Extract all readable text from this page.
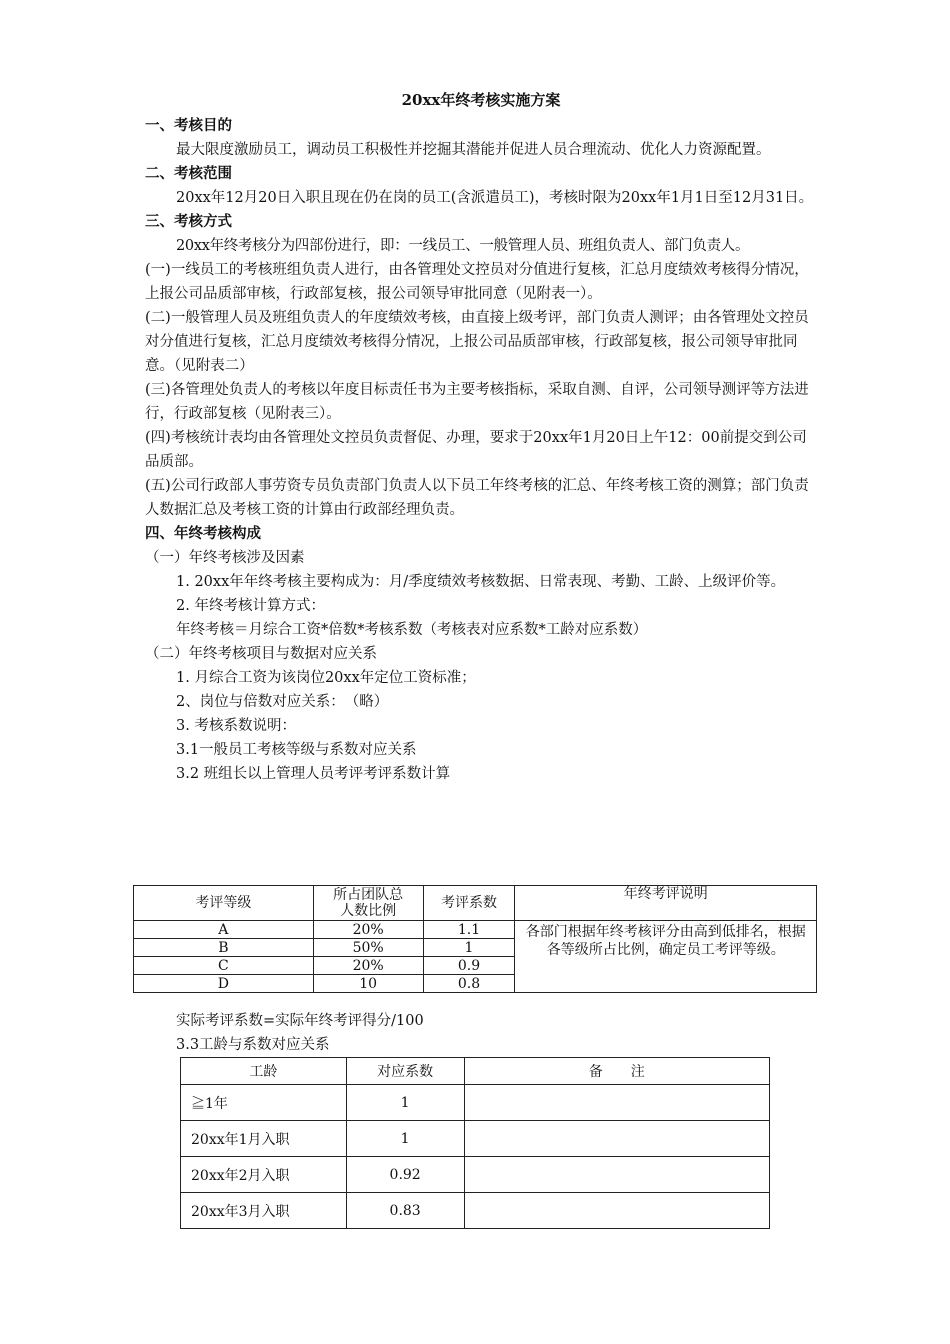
20xx年终考核实施方案

一、考核目的

最大限度激励员工，调动员工积极性并挖掘其潜能并促进人员合理流动、优化人力资源配置。

二、考核范围

20xx年12月20日入职且现在仍在岗的员工(含派遣员工)，考核时限为20xx年1月1日至12月31日。

三、考核方式

20xx年终考核分为四部份进行，即：一线员工、一般管理人员、班组负责人、部门负责人。

(一)一线员工的考核班组负责人进行，由各管理处文控员对分值进行复核，汇总月度绩效考核得分情况，上报公司品质部审核，行政部复核，报公司领导审批同意（见附表一）。

(二)一般管理人员及班组负责人的年度绩效考核，由直接上级考评，部门负责人测评；由各管理处文控员对分值进行复核，汇总月度绩效考核得分情况，上报公司品质部审核，行政部复核，报公司领导审批同意。（见附表二）

(三)各管理处负责人的考核以年度目标责任书为主要考核指标，采取自测、自评，公司领导测评等方法进行，行政部复核（见附表三）。

(四)考核统计表均由各管理处文控员负责督促、办理，要求于20xx年1月20日上午12：00前提交到公司品质部。

(五)公司行政部人事劳资专员负责部门负责人以下员工年终考核的汇总、年终考核工资的测算；部门负责人数据汇总及考核工资的计算由行政部经理负责。

四、年终考核构成

（一）年终考核涉及因素

1. 20xx年年终考核主要构成为：月/季度绩效考核数据、日常表现、考勤、工龄、上级评价等。

2. 年终考核计算方式：

年终考核＝月综合工资*倍数*考核系数（考核表对应系数*工龄对应系数）

（二）年终考核项目与数据对应关系

1. 月综合工资为该岗位20xx年定位工资标准；

2、岗位与倍数对应关系：　（略）

3. 考核系数说明：

3.1一般员工考核等级与系数对应关系

3.2 班组长以上管理人员考评考评系数计算

考评等级	所占团队总人数比例	考评系数	年终考评说明
A	20%	1.1	各部门根据年终考核评分由高到低排名，根据各等级所占比例，确定员工考评等级。
B	50%	1	
C	20%	0.9	
D	10	0.8	

实际考评系数=实际年终考评得分/100

3.3工龄与系数对应关系

工龄	对应系数	备　　注
≧1年	1	
20xx年1月入职	1	
20xx年2月入职	0.92	
20xx年3月入职	0.83	
